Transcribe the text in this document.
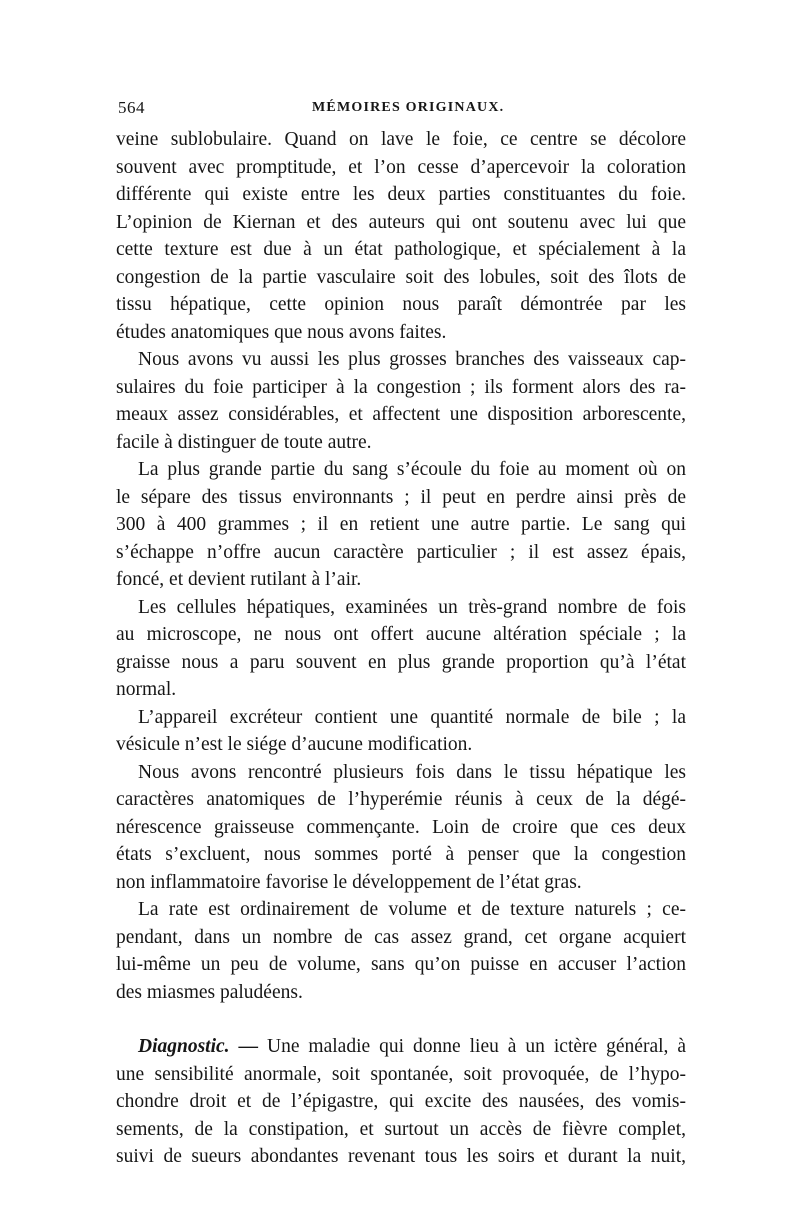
564	MÉMOIRES ORIGINAUX.
veine sublobulaire. Quand on lave le foie, ce centre se décolore
souvent avec promptitude, et l’on cesse d’apercevoir la coloration
différente qui existe entre les deux parties constituantes du foie.
L’opinion de Kiernan et des auteurs qui ont soutenu avec lui que
cette texture est due à un état pathologique, et spécialement à la
congestion de la partie vasculaire soit des lobules, soit des îlots de
tissu hépatique, cette opinion nous paraît démontrée par les
études anatomiques que nous avons faites.
Nous avons vu aussi les plus grosses branches des vaisseaux cap-
sulaires du foie participer à la congestion ; ils forment alors des ra-
meaux assez considérables, et affectent une disposition arborescente,
facile à distinguer de toute autre.
La plus grande partie du sang s’écoule du foie au moment où on
le sépare des tissus environnants ; il peut en perdre ainsi près de
300 à 400 grammes ; il en retient une autre partie. Le sang qui
s’échappe n’offre aucun caractère particulier ; il est assez épais,
foncé, et devient rutilant à l’air.
Les cellules hépatiques, examinées un très-grand nombre de fois
au microscope, ne nous ont offert aucune altération spéciale ; la
graisse nous a paru souvent en plus grande proportion qu’à l’état
normal.
L’appareil excréteur contient une quantité normale de bile ; la
vésicule n’est le siége d’aucune modification.
Nous avons rencontré plusieurs fois dans le tissu hépatique les
caractères anatomiques de l’hyperémie réunis à ceux de la dégé-
nérescence graisseuse commençante. Loin de croire que ces deux
états s’excluent, nous sommes porté à penser que la congestion
non inflammatoire favorise le développement de l’état gras.
La rate est ordinairement de volume et de texture naturels ; ce-
pendant, dans un nombre de cas assez grand, cet organe acquiert
lui-même un peu de volume, sans qu’on puisse en accuser l’action
des miasmes paludéens.
Diagnostic. — Une maladie qui donne lieu à un ictère général, à
une sensibilité anormale, soit spontanée, soit provoquée, de l’hypo-
chondre droit et de l’épigastre, qui excite des nausées, des vomis-
sements, de la constipation, et surtout un accès de fièvre complet,
suivi de sueurs abondantes revenant tous les soirs et durant la nuit,
